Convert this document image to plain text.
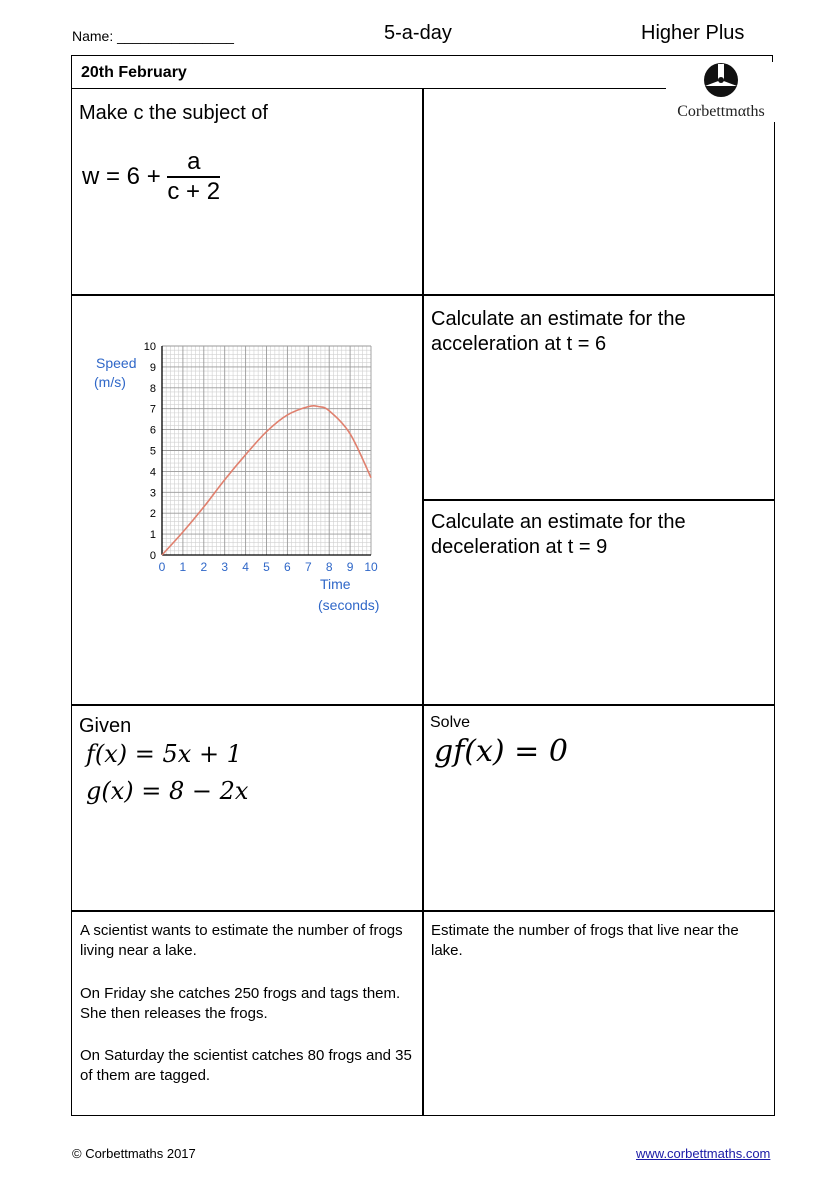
Name: _______________	5-a-day	Higher Plus
20th February
Corbettmαths
Make c the subject of
$w = 6 + \frac{a}{c + 2}$
0 1 2 3 4 5 6 7 8 9 10
0
1
2
3
4
5
6
7
8
9
10
Speed
(m/s)
Time
(seconds)
Calculate an estimate for the acceleration at t = 6
Calculate an estimate for the deceleration at t = 9
Given
f(x) = 5x + 1
g(x) = 8 − 2x
Solve
gf(x) = 0
A scientist wants to estimate the number of frogs living near a lake.
On Friday she catches 250 frogs and tags them. She then releases the frogs.
On Saturday the scientist catches 80 frogs and 35 of them are tagged.
Estimate the number of frogs that live near the lake.
© Corbettmaths 2017	www.corbettmaths.com
